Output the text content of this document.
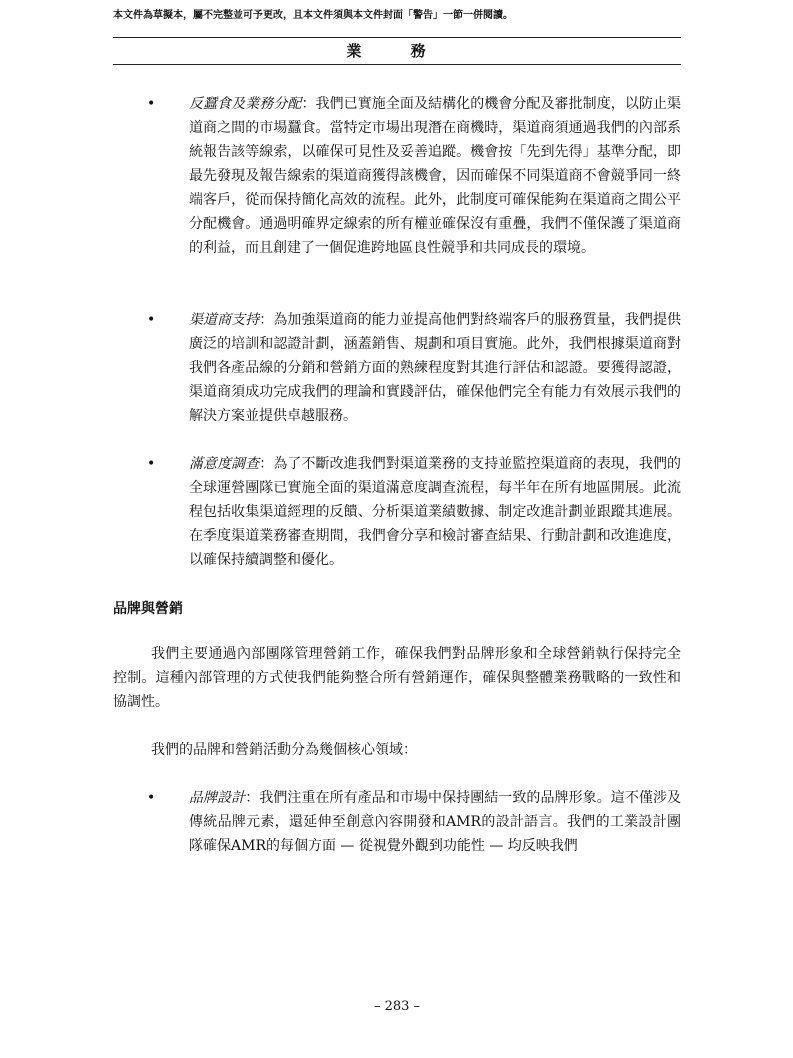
本文件為草擬本，屬不完整並可予更改，且本文件須與本文件封面「警告」一節一併閱讀。
業 務
• 反蠶食及業務分配：我們已實施全面及結構化的機會分配及審批制度，以防止渠道商之間的市場蠶食。當特定市場出現潛在商機時，渠道商須通過我們的內部系統報告該等線索，以確保可見性及妥善追蹤。機會按「先到先得」基準分配，即最先發現及報告線索的渠道商獲得該機會，因而確保不同渠道商不會競爭同一終端客戶，從而保持簡化高效的流程。此外，此制度可確保能夠在渠道商之間公平分配機會。通過明確界定線索的所有權並確保沒有重疊，我們不僅保護了渠道商的利益，而且創建了一個促進跨地區良性競爭和共同成長的環境。
• 渠道商支持：為加強渠道商的能力並提高他們對終端客戶的服務質量，我們提供廣泛的培訓和認證計劃，涵蓋銷售、規劃和項目實施。此外，我們根據渠道商對我們各產品線的分銷和營銷方面的熟練程度對其進行評估和認證。要獲得認證，渠道商須成功完成我們的理論和實踐評估，確保他們完全有能力有效展示我們的解決方案並提供卓越服務。
• 滿意度調查：為了不斷改進我們對渠道業務的支持並監控渠道商的表現，我們的全球運營團隊已實施全面的渠道滿意度調查流程，每半年在所有地區開展。此流程包括收集渠道經理的反饋、分析渠道業績數據、制定改進計劃並跟蹤其進展。在季度渠道業務審查期間，我們會分享和檢討審查結果、行動計劃和改進進度，以確保持續調整和優化。
品牌與營銷
我們主要通過內部團隊管理營銷工作，確保我們對品牌形象和全球營銷執行保持完全控制。這種內部管理的方式使我們能夠整合所有營銷運作，確保與整體業務戰略的一致性和協調性。
我們的品牌和營銷活動分為幾個核心領域：
• 品牌設計：我們注重在所有產品和市場中保持團結一致的品牌形象。這不僅涉及傳統品牌元素，還延伸至創意內容開發和AMR的設計語言。我們的工業設計團隊確保AMR的每個方面 — 從視覺外觀到功能性 — 均反映我們
– 283 –
